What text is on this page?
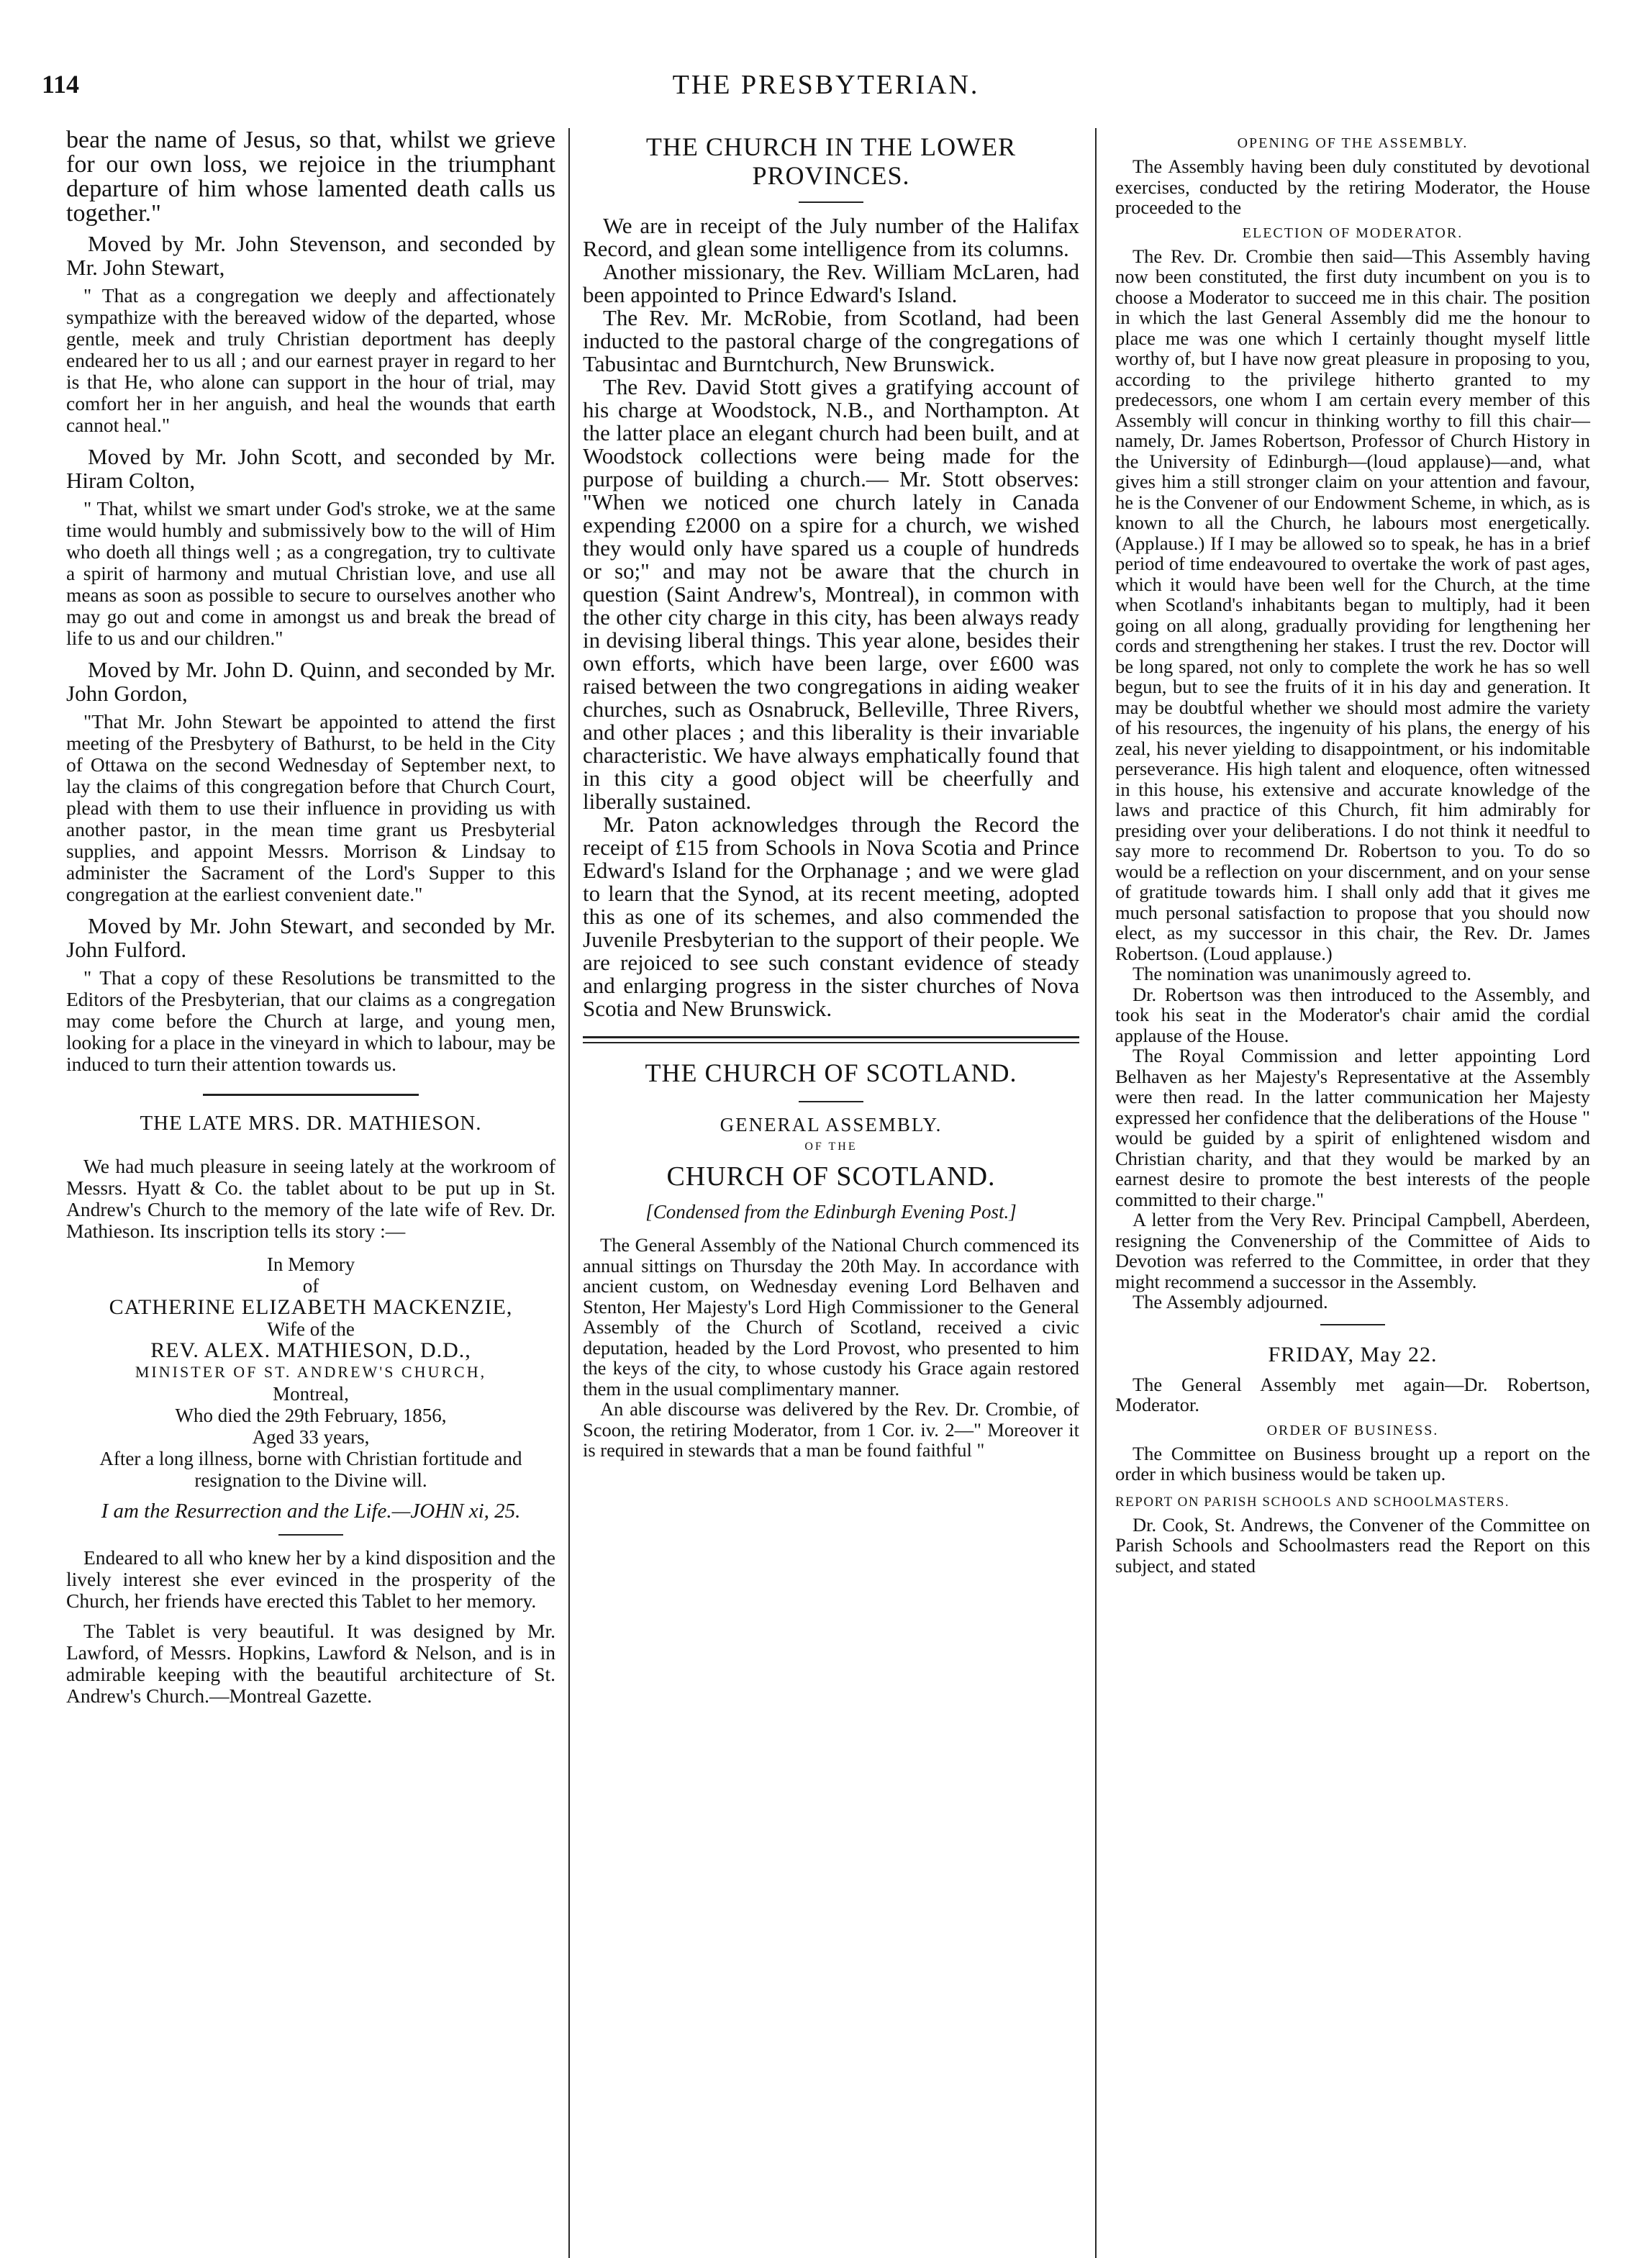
114	THE PRESBYTERIAN.

bear the name of Jesus, so that, whilst we grieve for our own loss, we rejoice in the triumphant departure of him whose lamented death calls us together."

Moved by Mr. John Stevenson, and seconded by Mr. John Stewart,

" That as a congregation we deeply and affectionately sympathize with the bereaved widow of the departed, whose gentle, meek and truly Christian deportment has deeply endeared her to us all ; and our earnest prayer in regard to her is that He, who alone can support in the hour of trial, may comfort her in her anguish, and heal the wounds that earth cannot heal."

Moved by Mr. John Scott, and seconded by Mr. Hiram Colton,

" That, whilst we smart under God's stroke, we at the same time would humbly and submissively bow to the will of Him who doeth all things well ; as a congregation, try to cultivate a spirit of harmony and mutual Christian love, and use all means as soon as possible to secure to ourselves another who may go out and come in amongst us and break the bread of life to us and our children."

Moved by Mr. John D. Quinn, and seconded by Mr. John Gordon,

"That Mr. John Stewart be appointed to attend the first meeting of the Presbytery of Bathurst, to be held in the City of Ottawa on the second Wednesday of September next, to lay the claims of this congregation before that Church Court, plead with them to use their influence in providing us with another pastor, in the mean time grant us Presbyterial supplies, and appoint Messrs. Morrison & Lindsay to administer the Sacrament of the Lord's Supper to this congregation at the earliest convenient date."

Moved by Mr. John Stewart, and seconded by Mr. John Fulford.

" That a copy of these Resolutions be transmitted to the Editors of the Presbyterian, that our claims as a congregation may come before the Church at large, and young men, looking for a place in the vineyard in which to labour, may be induced to turn their attention towards us.

THE LATE MRS. DR. MATHIESON.

We had much pleasure in seeing lately at the workroom of Messrs. Hyatt & Co. the tablet about to be put up in St. Andrew's Church to the memory of the late wife of Rev. Dr. Mathieson. Its inscription tells its story :—

In Memory
of
CATHERINE ELIZABETH MACKENZIE,
Wife of the
REV. ALEX. MATHIESON, D.D.,
MINISTER OF ST. ANDREW'S CHURCH,
Montreal,
Who died the 29th February, 1856,
Aged 33 years,
After a long illness, borne with Christian fortitude and resignation to the Divine will.

I am the Resurrection and the Life.—JOHN xi, 25.

Endeared to all who knew her by a kind disposition and the lively interest she ever evinced in the prosperity of the Church, her friends have erected this Tablet to her memory.

The Tablet is very beautiful. It was designed by Mr. Lawford, of Messrs. Hopkins, Lawford & Nelson, and is in admirable keeping with the beautiful architecture of St. Andrew's Church.—Montreal Gazette.

THE CHURCH IN THE LOWER PROVINCES.

We are in receipt of the July number of the Halifax Record, and glean some intelligence from its columns.

Another missionary, the Rev. William McLaren, had been appointed to Prince Edward's Island.

The Rev. Mr. McRobie, from Scotland, had been inducted to the pastoral charge of the congregations of Tabusintac and Burntchurch, New Brunswick.

The Rev. David Stott gives a gratifying account of his charge at Woodstock, N.B., and Northampton. At the latter place an elegant church had been built, and at Woodstock collections were being made for the purpose of building a church.— Mr. Stott observes: "When we noticed one church lately in Canada expending £2000 on a spire for a church, we wished they would only have spared us a couple of hundreds or so;" and may not be aware that the church in question (Saint Andrew's, Montreal), in common with the other city charge in this city, has been always ready in devising liberal things. This year alone, besides their own efforts, which have been large, over £600 was raised between the two congregations in aiding weaker churches, such as Osnabruck, Belleville, Three Rivers, and other places ; and this liberality is their invariable characteristic. We have always emphatically found that in this city a good object will be cheerfully and liberally sustained.

Mr. Paton acknowledges through the Record the receipt of £15 from Schools in Nova Scotia and Prince Edward's Island for the Orphanage ; and we were glad to learn that the Synod, at its recent meeting, adopted this as one of its schemes, and also commended the Juvenile Presbyterian to the support of their people. We are rejoiced to see such constant evidence of steady and enlarging progress in the sister churches of Nova Scotia and New Brunswick.

THE CHURCH OF SCOTLAND.
GENERAL ASSEMBLY.
OF THE
CHURCH OF SCOTLAND.
[Condensed from the Edinburgh Evening Post.]

The General Assembly of the National Church commenced its annual sittings on Thursday the 20th May. In accordance with ancient custom, on Wednesday evening Lord Belhaven and Stenton, Her Majesty's Lord High Commissioner to the General Assembly of the Church of Scotland, received a civic deputation, headed by the Lord Provost, who presented to him the keys of the city, to whose custody his Grace again restored them in the usual complimentary manner.

An able discourse was delivered by the Rev. Dr. Crombie, of Scoon, the retiring Moderator, from 1 Cor. iv. 2—" Moreover it is required in stewards that a man be found faithful "

OPENING OF THE ASSEMBLY.

The Assembly having been duly constituted by devotional exercises, conducted by the retiring Moderator, the House proceeded to the

ELECTION OF MODERATOR.

The Rev. Dr. Crombie then said—This Assembly having now been constituted, the first duty incumbent on you is to choose a Moderator to succeed me in this chair. The position in which the last General Assembly did me the honour to place me was one which I certainly thought myself little worthy of, but I have now great pleasure in proposing to you, according to the privilege hitherto granted to my predecessors, one whom I am certain every member of this Assembly will concur in thinking worthy to fill this chair—namely, Dr. James Robertson, Professor of Church History in the University of Edinburgh—(loud applause)—and, what gives him a still stronger claim on your attention and favour, he is the Convener of our Endowment Scheme, in which, as is known to all the Church, he labours most energetically. (Applause.) If I may be allowed so to speak, he has in a brief period of time endeavoured to overtake the work of past ages, which it would have been well for the Church, at the time when Scotland's inhabitants began to multiply, had it been going on all along, gradually providing for lengthening her cords and strengthening her stakes. I trust the rev. Doctor will be long spared, not only to complete the work he has so well begun, but to see the fruits of it in his day and generation. It may be doubtful whether we should most admire the variety of his resources, the ingenuity of his plans, the energy of his zeal, his never yielding to disappointment, or his indomitable perseverance. His high talent and eloquence, often witnessed in this house, his extensive and accurate knowledge of the laws and practice of this Church, fit him admirably for presiding over your deliberations. I do not think it needful to say more to recommend Dr. Robertson to you. To do so would be a reflection on your discernment, and on your sense of gratitude towards him. I shall only add that it gives me much personal satisfaction to propose that you should now elect, as my successor in this chair, the Rev. Dr. James Robertson. (Loud applause.)

The nomination was unanimously agreed to.

Dr. Robertson was then introduced to the Assembly, and took his seat in the Moderator's chair amid the cordial applause of the House.

The Royal Commission and letter appointing Lord Belhaven as her Majesty's Representative at the Assembly were then read. In the latter communication her Majesty expressed her confidence that the deliberations of the House " would be guided by a spirit of enlightened wisdom and Christian charity, and that they would be marked by an earnest desire to promote the best interests of the people committed to their charge."

A letter from the Very Rev. Principal Campbell, Aberdeen, resigning the Convenership of the Committee of Aids to Devotion was referred to the Committee, in order that they might recommend a successor in the Assembly.

The Assembly adjourned.

FRIDAY, May 22.

The General Assembly met again—Dr. Robertson, Moderator.

ORDER OF BUSINESS.

The Committee on Business brought up a report on the order in which business would be taken up.

REPORT ON PARISH SCHOOLS AND SCHOOLMASTERS.

Dr. Cook, St. Andrews, the Convener of the Committee on Parish Schools and Schoolmasters read the Report on this subject, and stated
